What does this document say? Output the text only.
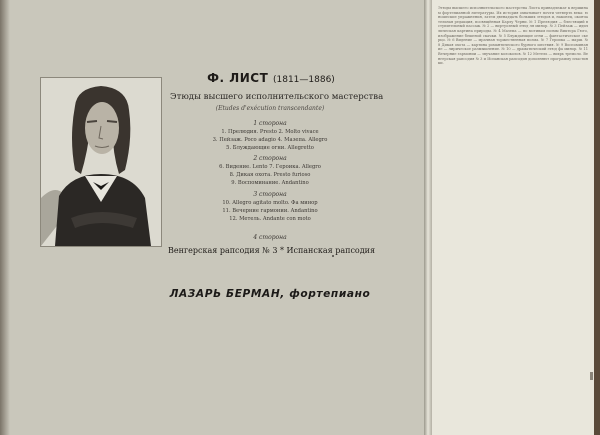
Ф. ЛИСТ (1811—1886)
Этюды высшего исполнительского мастерства
(Etudes d'exécution transcendante)
1 сторона
1. Прелюдия. Presto 2. Molto vivace
3. Пейзаж. Poco adagio 4. Мазепа. Allegro
5. Блуждающие огни. Allegretto
2 сторона
6. Видение. Lento 7. Героика. Allegro
8. Дикая охота. Presto furioso
9. Воспоминание. Andantino
3 сторона
10. Allegro agitato molto. Фа минор
11. Вечерние гармонии. Andantino
12. Метель. Andante con moto
4 сторона
Венгерская рапсодия № 3 * Испанская рапсодия
ЛАЗАРЬ БЕРМАН, фортепиано
Этюды высшего исполнительского мастерства Листа принадлежат к вершинам фортепианной литературы. Их история охватывает почти четверть века: юношеские упражнения, затем двенадцать больших этюдов и, наконец, окончательная редакция, посвящённая Карлу Черни. № 1 Прелюдия — блестящий вступительный пассаж. № 2 — виртуозный этюд ля минор. № 3 Пейзаж — идиллическая картина природы. № 4 Мазепа — по мотивам поэмы Виктора Гюго, изображение бешеной скачки. № 5 Блуждающие огни — фантастическое скерцо. № 6 Видение — мрачная торжественная поэма. № 7 Героика — марш. № 8 Дикая охота — картина романтического бурного шествия. № 9 Воспоминание — лирическое размышление. № 10 — драматический этюд фа минор. № 11 Вечерние гармонии — звучание колоколов. № 12 Метель — вихрь тремоло. Венгерская рапсодия № 3 и Испанская рапсодия дополняют программу пластинки.
